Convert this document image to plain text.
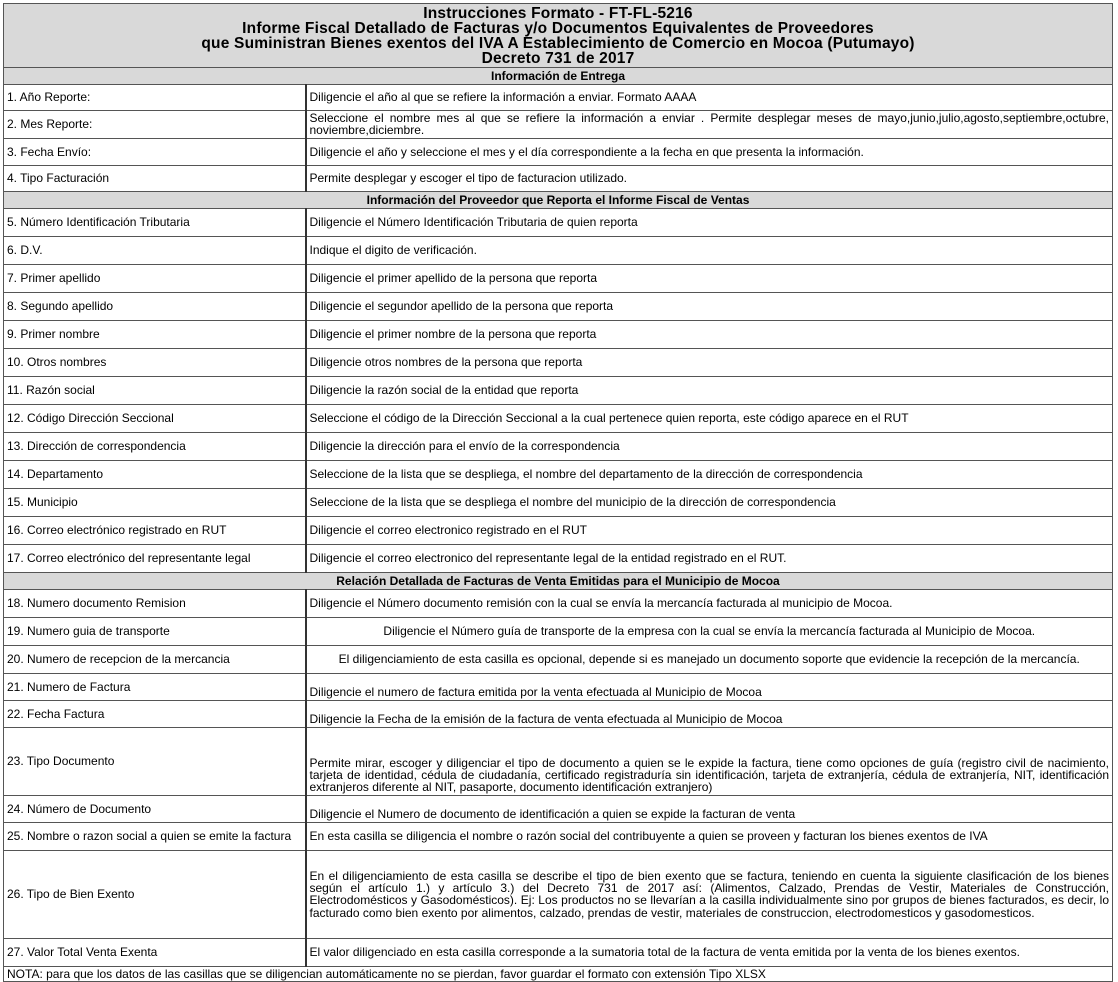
Instrucciones Formato - FT-FL-5216
Informe Fiscal Detallado de Facturas y/o Documentos Equivalentes de Proveedores
que Suministran Bienes exentos del IVA A Establecimiento de Comercio en Mocoa (Putumayo)
Decreto 731 de 2017
Información de Entrega	
1. Año Reporte:	Diligencie el año al que se refiere la información a enviar. Formato AAAA
2. Mes Reporte:	Seleccione el nombre mes al que se refiere la información a enviar . Permite desplegar meses de mayo,junio,julio,agosto,septiembre,octubre, noviembre,diciembre.
3. Fecha Envío:	Diligencie el año y seleccione el mes y el día correspondiente a la fecha en que presenta la información.
4. Tipo Facturación	Permite desplegar y escoger el tipo de facturacion utilizado.
Información del Proveedor que Reporta el Informe Fiscal de Ventas	
5. Número Identificación Tributaria	Diligencie el Número Identificación Tributaria de quien reporta
6. D.V.	Indique el digito de verificación.
7. Primer apellido	Diligencie el primer apellido de la persona que reporta
8. Segundo apellido	Diligencie el segundor apellido de la persona que reporta
9. Primer nombre	Diligencie el primer nombre de la persona que reporta
10. Otros nombres	Diligencie otros nombres de la persona que reporta
11. Razón social	Diligencie la razón social de la entidad que reporta
12. Código Dirección Seccional	Seleccione el código de la Dirección Seccional a la cual pertenece quien reporta, este código aparece en el RUT
13. Dirección de correspondencia	Diligencie la dirección para el envío de la correspondencia
14. Departamento	Seleccione de la lista que se despliega, el nombre del departamento de la dirección de correspondencia
15. Municipio	Seleccione de la lista que se despliega el nombre del municipio de la dirección de correspondencia
16. Correo electrónico registrado en RUT	Diligencie el correo electronico registrado en el RUT
17. Correo electrónico del representante legal	Diligencie el correo electronico del representante legal de la entidad registrado en el RUT.
Relación Detallada de Facturas de Venta Emitidas para el Municipio de Mocoa	
18. Numero documento Remision	Diligencie el Número documento remisión con la cual se envía la mercancía facturada al municipio de Mocoa.
19. Numero guia de transporte	Diligencie el Número guía de transporte de la empresa con la cual se envía la mercancía facturada al Municipio de Mocoa.
20. Numero de recepcion de la mercancia	El diligenciamiento de esta casilla es opcional, depende si es manejado un documento soporte que evidencie la recepción de la mercancía.
21. Numero de Factura	Diligencie el numero de factura emitida por la venta efectuada al Municipio de Mocoa
22. Fecha Factura	Diligencie la Fecha de la emisión de la factura de venta efectuada al Municipio de Mocoa
23. Tipo Documento	Permite mirar, escoger y diligenciar el tipo de documento a quien se le expide la factura, tiene como opciones de guía (registro civil de nacimiento, tarjeta de identidad, cédula de ciudadanía, certificado registraduría sin identificación, tarjeta de extranjería, cédula de extranjería, NIT, identificación extranjeros diferente al NIT, pasaporte, documento identificación extranjero)
24. Número de Documento	Diligencie el Numero de documento de identificación a quien se expide la facturan de venta
25. Nombre o razon social a quien se emite la factura	En esta casilla se diligencia el nombre o razón social del contribuyente a quien se proveen y facturan los bienes exentos de IVA
26. Tipo de Bien Exento	En el diligenciamiento de esta casilla se describe el tipo de bien exento que se factura, teniendo en cuenta la siguiente clasificación de los bienes según el artículo 1.) y artículo 3.) del Decreto 731 de 2017 así: (Alimentos, Calzado, Prendas de Vestir, Materiales de Construcción, Electrodomésticos y Gasodomésticos). Ej: Los productos no se llevarían a la casilla individualmente sino por grupos de bienes facturados, es decir, lo facturado como bien exento por alimentos, calzado, prendas de vestir, materiales de construccion, electrodomesticos y gasodomesticos.
27. Valor Total Venta Exenta	El valor diligenciado en esta casilla corresponde a la sumatoria total de la factura de venta emitida por la venta de los bienes exentos.
NOTA: para que los datos de las casillas que se diligencian automáticamente no se pierdan, favor guardar el formato con extensión Tipo XLSX	
